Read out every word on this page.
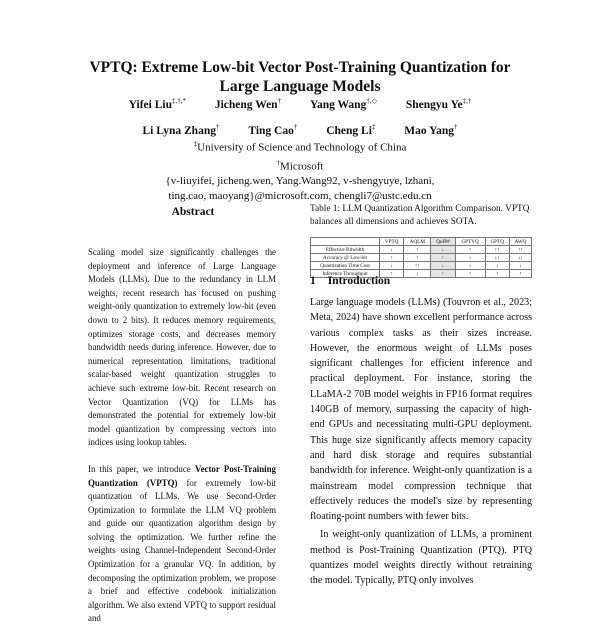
VPTQ: Extreme Low-bit Vector Post-Training Quantization for
Large Language Models
Yifei Liu‡,†,*	Jicheng Wen†	Yang Wang†,◇	Shengyu Ye‡,†
Li Lyna Zhang†	Ting Cao†	Cheng Li‡	Mao Yang†
‡University of Science and Technology of China
†Microsoft
{v-liuyifei, jicheng.wen, Yang.Wang92, v-shengyuye, lzhani,
ting.cao, maoyang}@microsoft.com, chengli7@ustc.edu.cn
Abstract

Scaling model size significantly challenges the deployment and inference of Large Language Models (LLMs). Due to the redundancy in LLM weights, recent research has focused on pushing weight-only quantization to extremely low-bit (even down to 2 bits). It reduces memory requirements, optimizes storage costs, and decreases memory bandwidth needs during inference. However, due to numerical representation limitations, traditional scalar-based weight quantization struggles to achieve such extreme low-bit. Recent research on Vector Quantization (VQ) for LLMs has demonstrated the potential for extremely low-bit model quantization by compressing vectors into indices using lookup tables.

In this paper, we introduce Vector Post-Training Quantization (VPTQ) for extremely low-bit quantization of LLMs. We use Second-Order Optimization to formulate the LLM VQ problem and guide our quantization algorithm design by solving the optimization. We further refine the weights using Channel-Independent Second-Order Optimization for a granular VQ. In addition, by decomposing the optimization problem, we propose a brief and effective codebook initialization algorithm. We also extend VPTQ to support residual and

Table 1: LLM Quantization Algorithm Comparison. VPTQ balances all dimensions and achieves SOTA.
	VPTQ	AQLM	QuIP#	GPTVQ	GPTQ	AWQ
Effective Bitwidth	↓	↑	↓	↑	↑↑	↑↑
Accuracy @ Low-bit	↑	↑	↑	↓	↓↓	↓↓
Quantization Time Cost	↓	↑↑	↓	↓	↓	↓
Inference Throughput	↑	↓	↑	↑	↑	↑
1 Introduction

Large language models (LLMs) (Touvron et al., 2023; Meta, 2024) have shown excellent performance across various complex tasks as their sizes increase. However, the enormous weight of LLMs poses significant challenges for efficient inference and practical deployment. For instance, storing the LLaMA-2 70B model weights in FP16 format requires 140GB of memory, surpassing the capacity of high-end GPUs and necessitating multi-GPU deployment. This huge size significantly affects memory capacity and hard disk storage and requires substantial bandwidth for inference. Weight-only quantization is a mainstream model compression technique that effectively reduces the model's size by representing floating-point numbers with fewer bits.

In weight-only quantization of LLMs, a prominent method is Post-Training Quantization (PTQ). PTQ quantizes model weights directly without retraining the model. Typically, PTQ only involves
